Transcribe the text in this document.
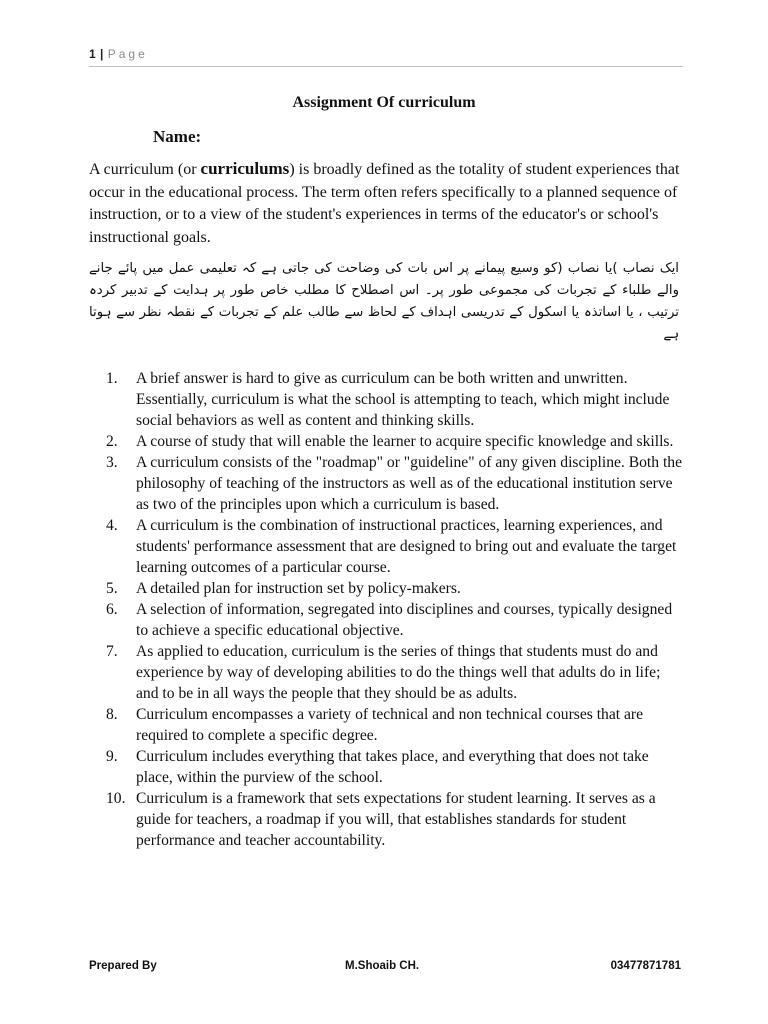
1 | Page
Assignment Of curriculum
Name:
A curriculum (or curriculums) is broadly defined as the totality of student experiences that occur in the educational process. The term often refers specifically to a planned sequence of instruction, or to a view of the student's experiences in terms of the educator's or school's instructional goals.
ایک نصاب )یا نصاب (کو وسیع پیمانے پر اس بات کی وضاحت کی جاتی ہے کہ تعلیمی عمل میں پائے جانے والے طلباء کے تجربات کی مجموعی طور پر۔ اس اصطلاح کا مطلب خاص طور پر ہدایت کے تدبیر کردہ ترتیب ، یا اساتذہ یا اسکول کے تدریسی اہداف کے لحاظ سے طالب علم کے تجربات کے نقطہ نظر سے ہوتا ہے
1. A brief answer is hard to give as curriculum can be both written and unwritten. Essentially, curriculum is what the school is attempting to teach, which might include social behaviors as well as content and thinking skills.
2. A course of study that will enable the learner to acquire specific knowledge and skills.
3. A curriculum consists of the "roadmap" or "guideline" of any given discipline. Both the philosophy of teaching of the instructors as well as of the educational institution serve as two of the principles upon which a curriculum is based.
4. A curriculum is the combination of instructional practices, learning experiences, and students' performance assessment that are designed to bring out and evaluate the target learning outcomes of a particular course.
5. A detailed plan for instruction set by policy-makers.
6. A selection of information, segregated into disciplines and courses, typically designed to achieve a specific educational objective.
7. As applied to education, curriculum is the series of things that students must do and experience by way of developing abilities to do the things well that adults do in life; and to be in all ways the people that they should be as adults.
8. Curriculum encompasses a variety of technical and non technical courses that are required to complete a specific degree.
9. Curriculum includes everything that takes place, and everything that does not take place, within the purview of the school.
10. Curriculum is a framework that sets expectations for student learning. It serves as a guide for teachers, a roadmap if you will, that establishes standards for student performance and teacher accountability.
Prepared By	M.Shoaib CH.	03477871781
